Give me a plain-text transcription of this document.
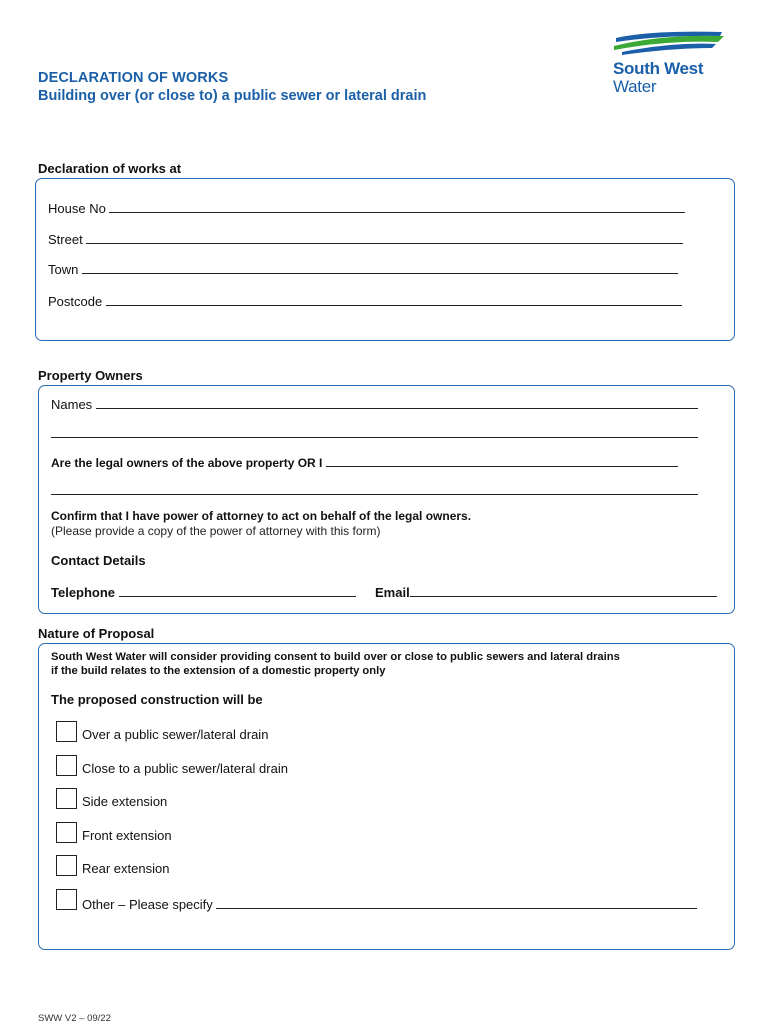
DECLARATION OF WORKS
Building over (or close to) a public sewer or lateral drain
South West
Water
Declaration of works at
House No
Street
Town
Postcode
Property Owners
Names
Are the legal owners of the above property OR I
Confirm that I have power of attorney to act on behalf of the legal owners.
(Please provide a copy of the power of attorney with this form)
Contact Details
Telephone	Email
Nature of Proposal
South West Water will consider providing consent to build over or close to public sewers and lateral drains
if the build relates to the extension of a domestic property only
The proposed construction will be
Over a public sewer/lateral drain
Close to a public sewer/lateral drain
Side extension
Front extension
Rear extension
Other – Please specify
SWW V2 – 09/22
